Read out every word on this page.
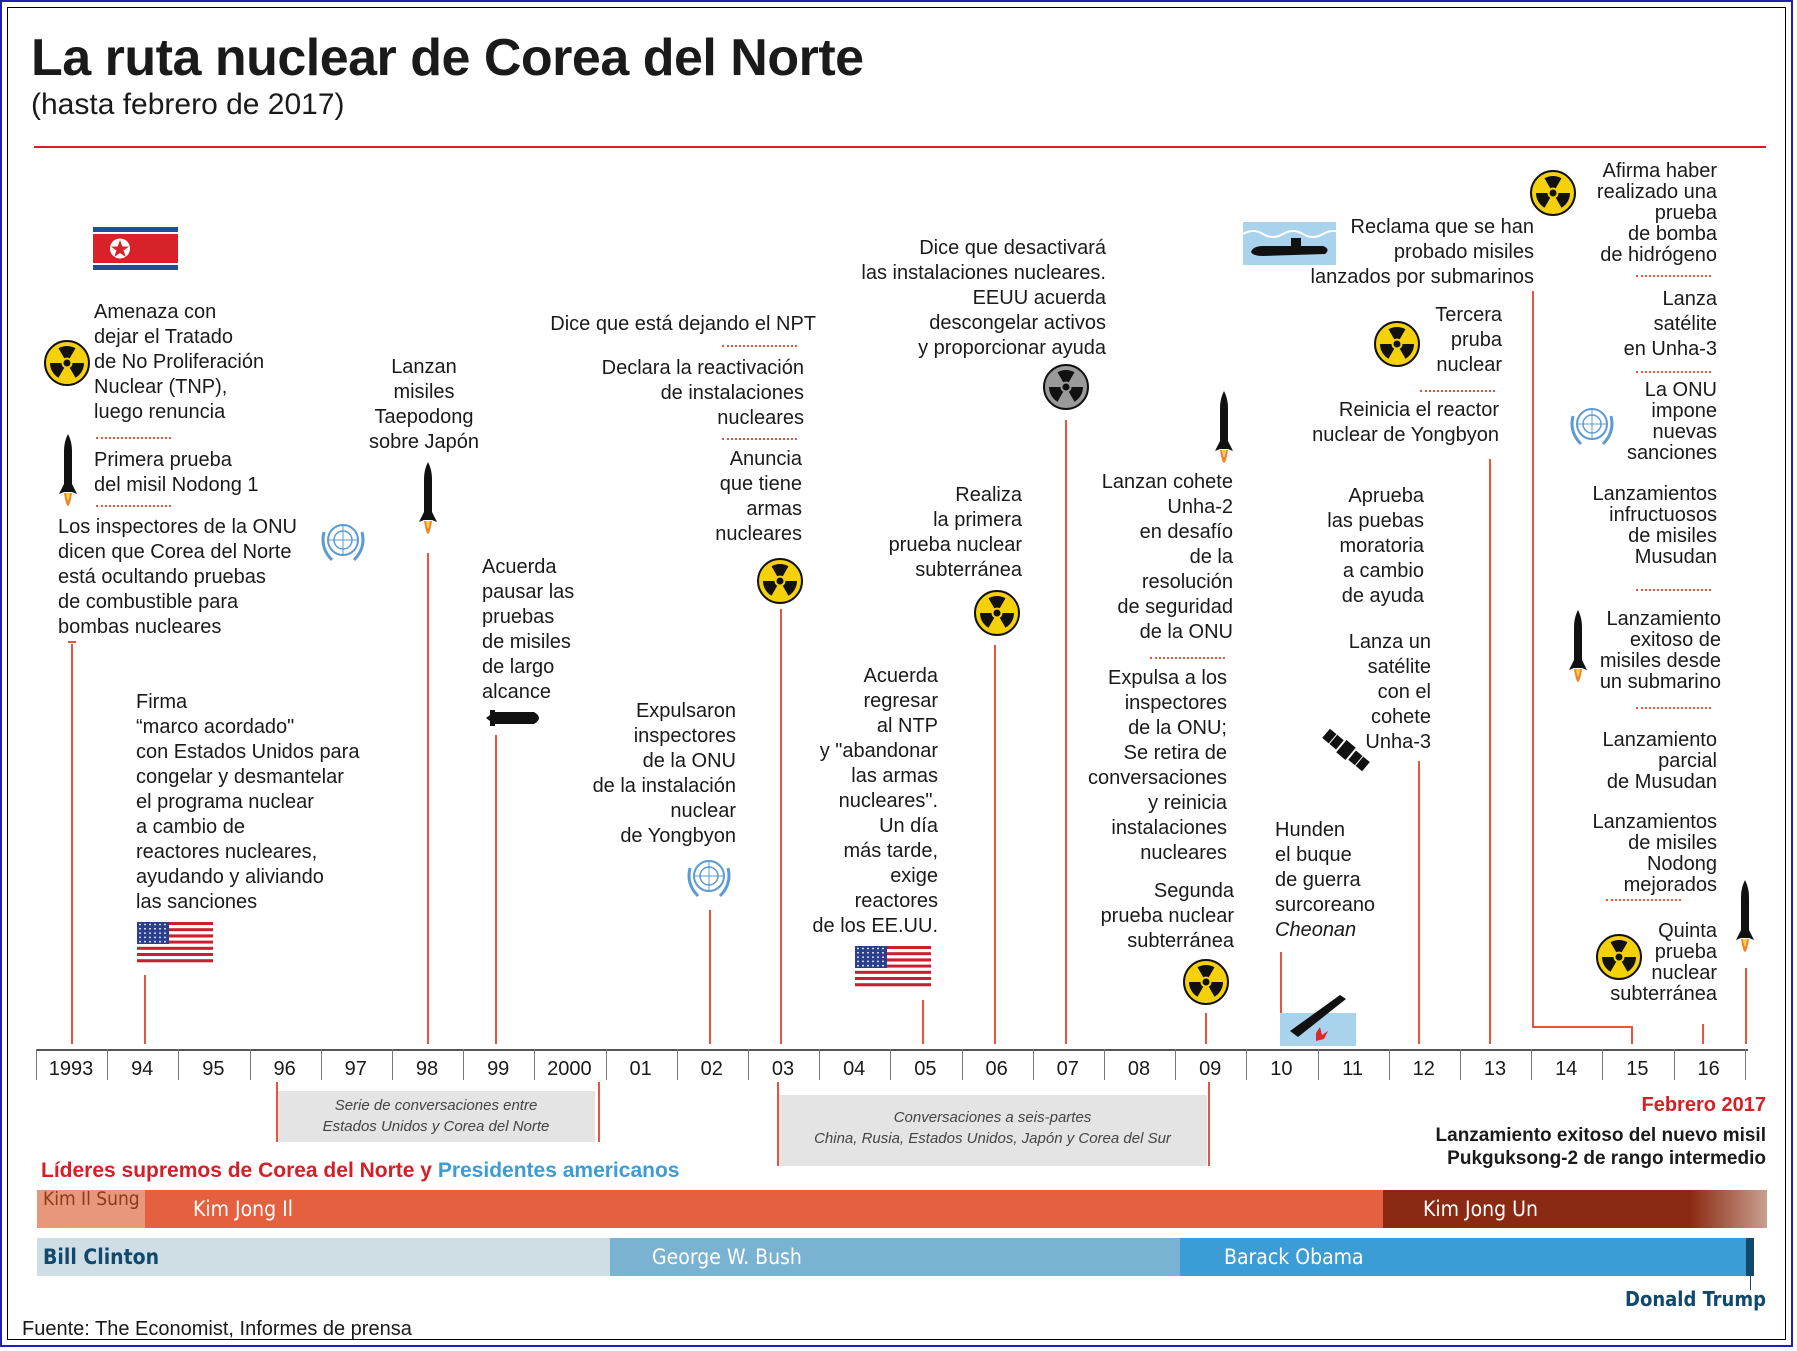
La ruta nuclear de Corea del Norte
(hasta febrero de 2017)
Amenaza con
dejar el Tratado
de No Proliferación
Nuclear (TNP),
luego renuncia
Primera prueba
del misil Nodong 1
Los inspectores de la ONU
dicen que Corea del Norte
está ocultando pruebas
de combustible para
bombas nucleares
Firma
“marco acordado"
con Estados Unidos para
congelar y desmantelar
el programa nuclear
a cambio de
reactores nucleares,
ayudando y aliviando
las sanciones
Lanzan
misiles
Taepodong
sobre Japón
Acuerda
pausar las
pruebas
de misiles
de largo
alcance
Expulsaron
inspectores
de la ONU
de la instalación
nuclear
de Yongbyon
Dice que está dejando el NPT
Declara la reactivación
de instalaciones
nucleares
Anuncia
que tiene
armas
nucleares
Acuerda
regresar
al NTP
y "abandonar
las armas
nucleares".
Un día
más tarde,
exige
reactores
de los EE.UU.
Realiza
la primera
prueba nuclear
subterránea
Dice que desactivará
las instalaciones nucleares.
EEUU acuerda
descongelar activos
y proporcionar ayuda
Lanzan cohete
Unha-2
en desafío
de la
resolución
de seguridad
de la ONU
Expulsa a los
inspectores
de la ONU;
Se retira de
conversaciones
y reinicia
instalaciones
nucleares
Segunda
prueba nuclear
subterránea
Hunden
el buque
de guerra
surcoreano
Cheonan
Aprueba
las puebas
moratoria
a cambio
de ayuda
Lanza un
satélite
con el
cohete
Unha-3
Tercera
pruba
nuclear
Reinicia el reactor
nuclear de Yongbyon
Reclama que se han
probado misiles
lanzados por submarinos
Afirma haber
realizado una
prueba
de bomba
de hidrógeno
Lanza
satélite
en Unha-3
La ONU
impone
nuevas
sanciones
Lanzamientos
infructuosos
de misiles
Musudan
Lanzamiento
exitoso de
misiles desde
un submarino
Lanzamiento
parcial
de Musudan
Lanzamientos
de misiles
Nodong
mejorados
Quinta
prueba
nuclear
subterránea
1993	94	95	96	97	98	99	2000	01	02	03	04	05	06	07	08	09	10	11	12	13	14	15	16
Serie de conversaciones entre
Estados Unidos y Corea del Norte
Conversaciones a seis-partes
China, Rusia, Estados Unidos, Japón y Corea del Sur
Febrero 2017
Lanzamiento exitoso del nuevo misil
Pukguksong-2 de rango intermedio
Líderes supremos de Corea del Norte y Presidentes americanos
Kim Il Sung	Kim Jong Il	Kim Jong Un
Bill Clinton	George W. Bush	Barack Obama
Donald Trump
Fuente: The Economist, Informes de prensa
